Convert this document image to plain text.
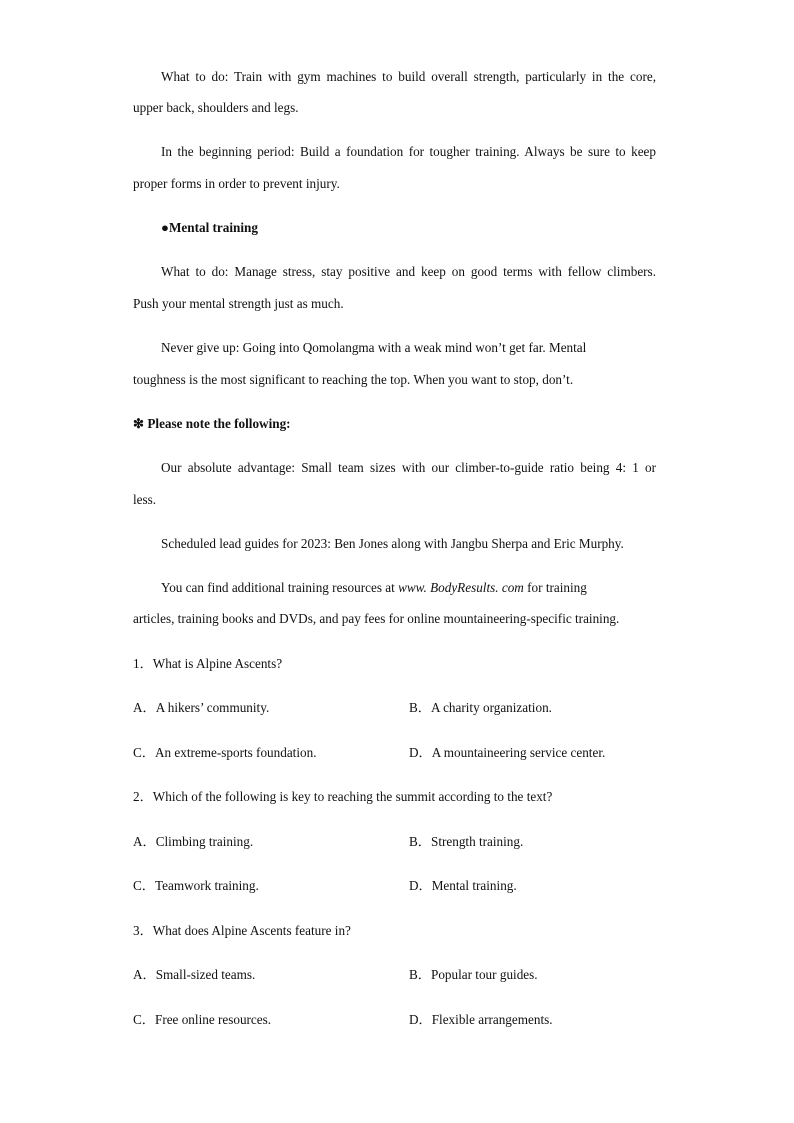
What to do: Train with gym machines to build overall strength, particularly in the core,
upper back, shoulders and legs.
In the beginning period: Build a foundation for tougher training. Always be sure to keep
proper forms in order to prevent injury.
●Mental training
What to do: Manage stress, stay positive and keep on good terms with fellow climbers.
Push your mental strength just as much.
Never give up: Going into Qomolangma with a weak mind won’t get far. Mental
toughness is the most significant to reaching the top. When you want to stop, don’t.
❇ Please note the following:
Our absolute advantage: Small team sizes with our climber-to-guide ratio being 4: 1 or
less.
Scheduled lead guides for 2023: Ben Jones along with Jangbu Sherpa and Eric Murphy.
You can find additional training resources at www. BodyResults. com for training
articles, training books and DVDs, and pay fees for online mountaineering-specific training.
1．What is Alpine Ascents?
A．A hikers’ community.	B．A charity organization.
C．An extreme-sports foundation.	D．A mountaineering service center.
2．Which of the following is key to reaching the summit according to the text?
A．Climbing training.	B．Strength training.
C．Teamwork training.	D．Mental training.
3．What does Alpine Ascents feature in?
A．Small-sized teams.	B．Popular tour guides.
C．Free online resources.	D．Flexible arrangements.
